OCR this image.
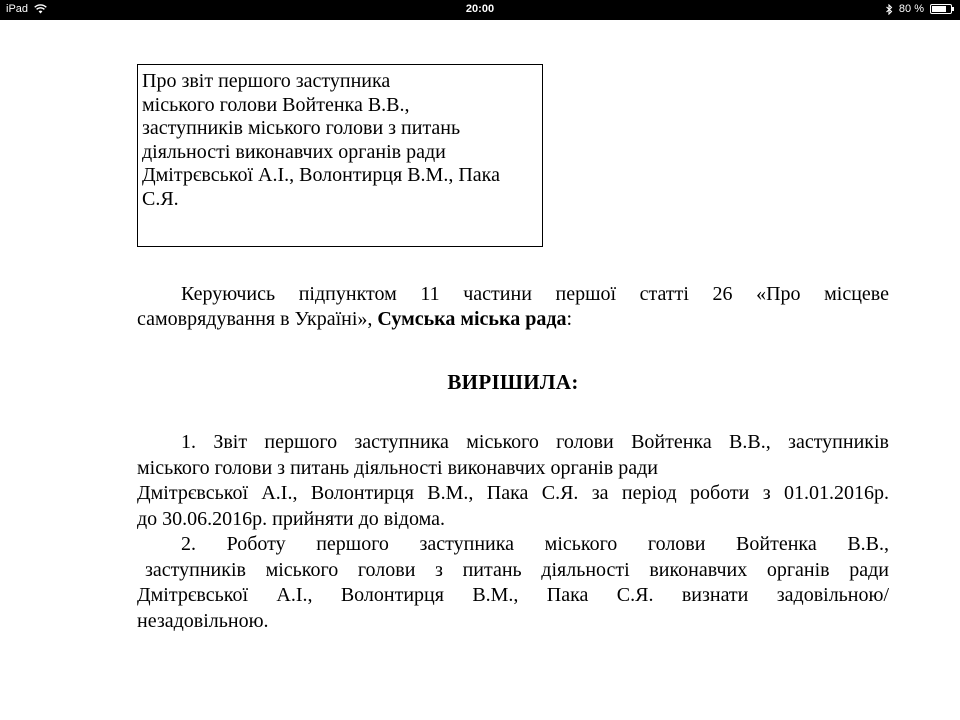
iPad	20:00	80 %
Про звіт першого заступника
міського голови Войтенка В.В.,
заступників міського голови з питань
діяльності виконавчих органів ради
Дмітрєвської А.І., Волонтирця В.М., Пака
С.Я.
Керуючись підпунктом 11 частини першої статті 26 «Про місцеве
самоврядування в Україні», Сумська міська рада:
ВИРІШИЛА:
1. Звіт першого заступника міського голови Войтенка В.В., заступників
міського голови з питань діяльності виконавчих органів ради
Дмітрєвської А.І., Волонтирця В.М., Пака С.Я. за період роботи з 01.01.2016р.
до 30.06.2016р. прийняти до відома.
2. Роботу першого заступника міського голови Войтенка В.В.,
заступників міського голови з питань діяльності виконавчих органів ради
Дмітрєвської А.І., Волонтирця В.М., Пака С.Я. визнати задовільною/
незадовільною.
